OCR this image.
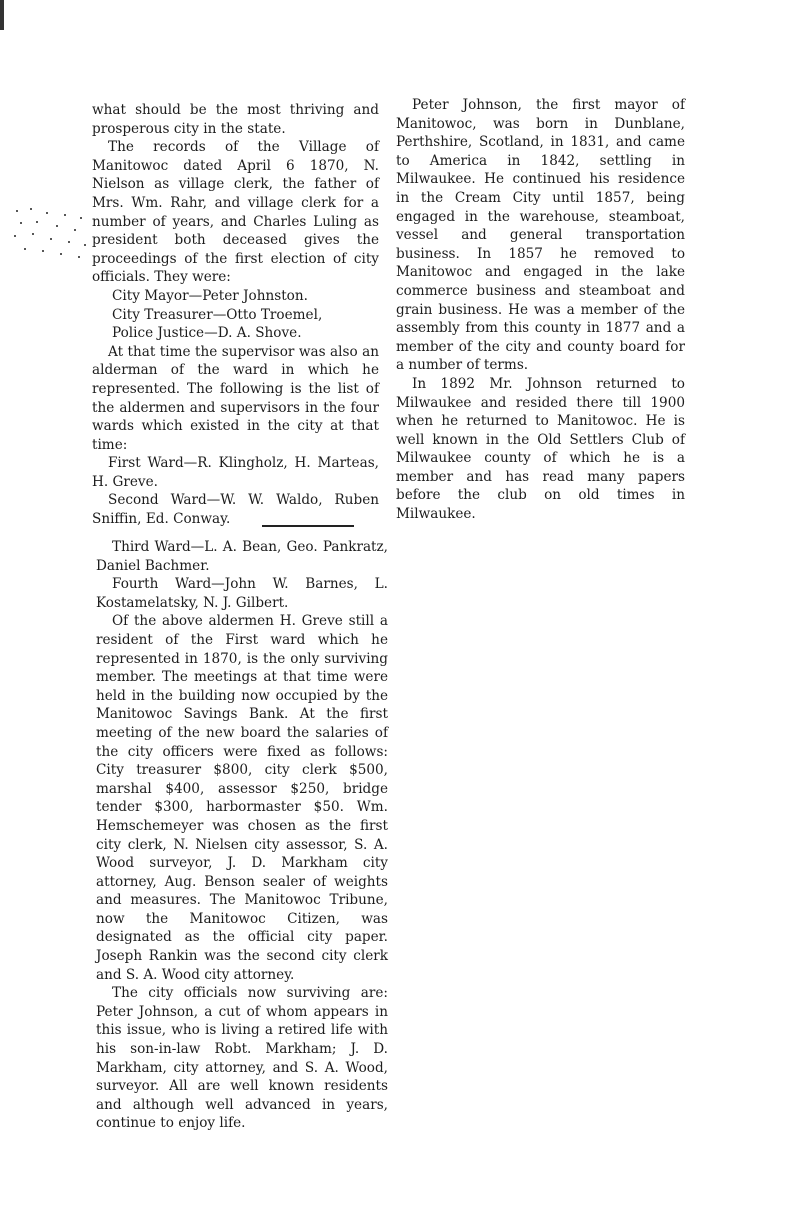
what should be the most thriving and prosperous city in the state.

The records of the Village of Manitowoc dated April 6 1870, N. Nielson as village clerk, the father of Mrs. Wm. Rahr, and village clerk for a number of years, and Charles Luling as president both deceased gives the proceedings of the first election of city officials. They were:

City Mayor—Peter Johnston.

City Treasurer—Otto Troemel,

Police Justice—D. A. Shove.

At that time the supervisor was also an alderman of the ward in which he represented. The following is the list of the aldermen and supervisors in the four wards which existed in the city at that time:

First Ward—R. Klingholz, H. Marteas, H. Greve.

Second Ward—W. W. Waldo, Ruben Sniffin, Ed. Conway.

Third Ward—L. A. Bean, Geo. Pankratz, Daniel Bachmer.

Fourth Ward—John W. Barnes, L. Kostamelatsky, N. J. Gilbert.

Of the above aldermen H. Greve still a resident of the First ward which he represented in 1870, is the only surviving member. The meetings at that time were held in the building now occupied by the Manitowoc Savings Bank. At the first meeting of the new board the salaries of the city officers were fixed as follows: City treasurer $800, city clerk $500, marshal $400, assessor $250, bridge tender $300, harbormaster $50. Wm. Hemschemeyer was chosen as the first city clerk, N. Nielsen city assessor, S. A. Wood surveyor, J. D. Markham city attorney, Aug. Benson sealer of weights and measures. The Manitowoc Tribune, now the Manitowoc Citizen, was designated as the official city paper. Joseph Rankin was the second city clerk and S. A. Wood city attorney.

The city officials now surviving are: Peter Johnson, a cut of whom appears in this issue, who is living a retired life with his son-in-law Robt. Markham; J. D. Markham, city attorney, and S. A. Wood, surveyor. All are well known residents and although well advanced in years, continue to enjoy life.

Peter Johnson, the first mayor of Manitowoc, was born in Dunblane, Perthshire, Scotland, in 1831, and came to America in 1842, settling in Milwaukee. He continued his residence in the Cream City until 1857, being engaged in the warehouse, steamboat, vessel and general transportation business. In 1857 he removed to Manitowoc and engaged in the lake commerce business and steamboat and grain business. He was a member of the assembly from this county in 1877 and a member of the city and county board for a number of terms.

In 1892 Mr. Johnson returned to Milwaukee and resided there till 1900 when he returned to Manitowoc. He is well known in the Old Settlers Club of Milwaukee county of which he is a member and has read many papers before the club on old times in Milwaukee.
